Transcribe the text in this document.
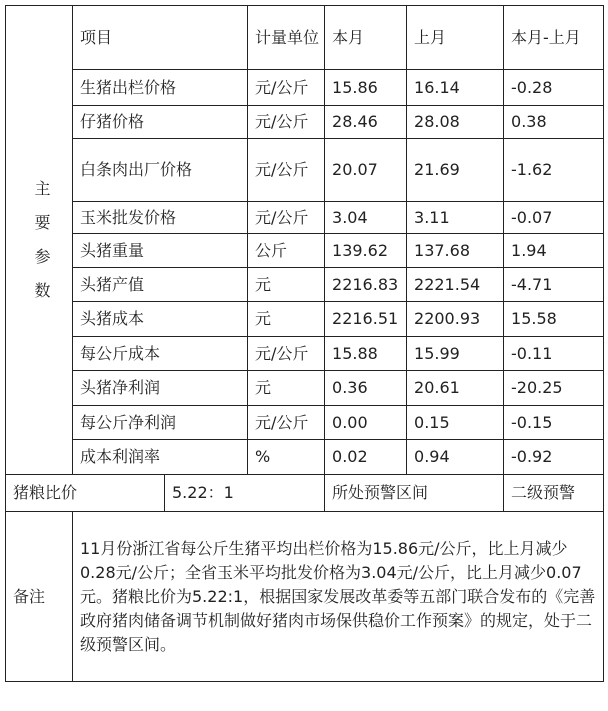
主
要
参
数	项目		计量单位	本月	上月	本月-上月	
	生猪出栏价格		元/公斤	15.86	16.14	-0.28	
	仔猪价格		元/公斤	28.46	28.08	0.38	
	白条肉出厂价格		元/公斤	20.07	21.69	-1.62	
	玉米批发价格		元/公斤	3.04	3.11	-0.07	
	头猪重量		公斤	139.62	137.68	1.94	
	头猪产值		元	2216.83	2221.54	-4.71	
	头猪成本		元	2216.51	2200.93	15.58	
	每公斤成本		元/公斤	15.88	15.99	-0.11	
	头猪净利润		元	0.36	20.61	-20.25	
	每公斤净利润		元/公斤	0.00	0.15	-0.15	
	成本利润率		%	0.02	0.94	-0.92	
猪粮比价		5.22：1		所处预警区间		二级预警	
备注	11月份浙江省每公斤生猪平均出栏价格为15.86元/公斤，比上月减少0.28元/公斤；全省玉米平均批发价格为3.04元/公斤，比上月减少0.07元。猪粮比价为5.22:1，根据国家发展改革委等五部门联合发布的《完善政府猪肉储备调节机制做好猪肉市场保供稳价工作预案》的规定，处于二级预警区间。						
